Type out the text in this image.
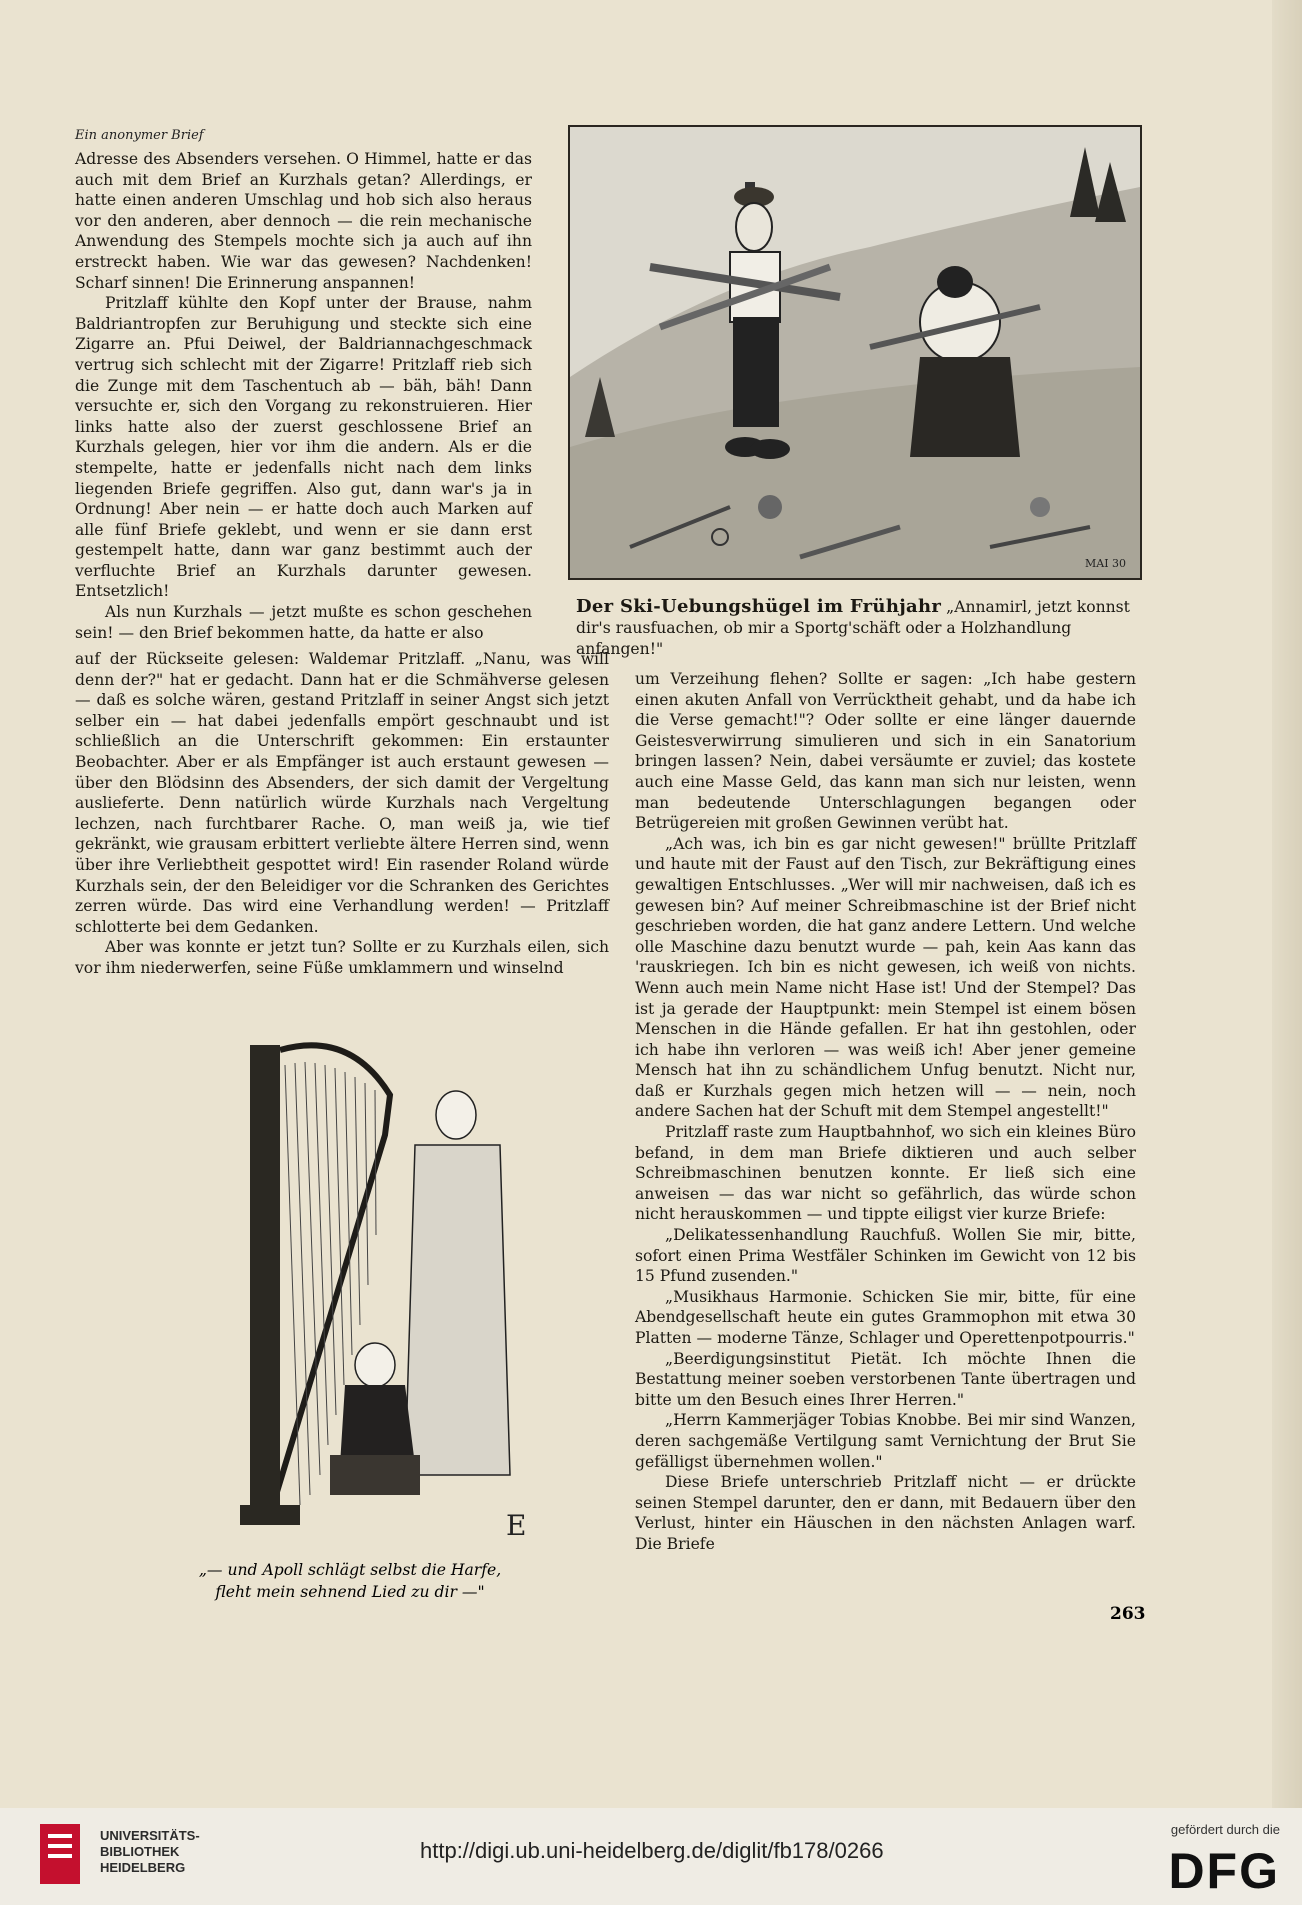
Ein anonymer Brief

Adresse des Absenders versehen. O Himmel, hatte er das auch mit dem Brief an Kurzhals getan? Allerdings, er hatte einen anderen Umschlag und hob sich also heraus vor den anderen, aber dennoch — die rein mechanische Anwendung des Stempels mochte sich ja auch auf ihn erstreckt haben. Wie war das gewesen? Nachdenken! Scharf sinnen! Die Erinnerung anspannen!

Pritzlaff kühlte den Kopf unter der Brause, nahm Baldriantropfen zur Beruhigung und steckte sich eine Zigarre an. Pfui Deiwel, der Baldriannachgeschmack vertrug sich schlecht mit der Zigarre! Pritzlaff rieb sich die Zunge mit dem Taschentuch ab — bäh, bäh! Dann versuchte er, sich den Vorgang zu rekonstruieren. Hier links hatte also der zuerst geschlossene Brief an Kurzhals gelegen, hier vor ihm die andern. Als er die stempelte, hatte er jedenfalls nicht nach dem links liegenden Briefe gegriffen. Also gut, dann war's ja in Ordnung! Aber nein — er hatte doch auch Marken auf alle fünf Briefe geklebt, und wenn er sie dann erst gestempelt hatte, dann war ganz bestimmt auch der verfluchte Brief an Kurzhals darunter gewesen. Entsetzlich!

Als nun Kurzhals — jetzt mußte es schon geschehen sein! — den Brief bekommen hatte, da hatte er also

MAI 30
Der Ski-Uebungshügel im Frühjahr „Annamirl, jetzt konnst dir's rausfuachen, ob mir a Sportg'schäft oder a Holzhandlung anfangen!"

auf der Rückseite gelesen: Waldemar Pritzlaff. „Nanu, was will denn der?" hat er gedacht. Dann hat er die Schmähverse gelesen — daß es solche wären, gestand Pritzlaff in seiner Angst sich jetzt selber ein — hat dabei jedenfalls empört geschnaubt und ist schließlich an die Unterschrift gekommen: Ein erstaunter Beobachter. Aber er als Empfänger ist auch erstaunt gewesen — über den Blödsinn des Absenders, der sich damit der Vergeltung auslieferte. Denn natürlich würde Kurzhals nach Vergeltung lechzen, nach furchtbarer Rache. O, man weiß ja, wie tief gekränkt, wie grausam erbittert verliebte ältere Herren sind, wenn über ihre Verliebtheit gespottet wird! Ein rasender Roland würde Kurzhals sein, der den Beleidiger vor die Schranken des Gerichtes zerren würde. Das wird eine Verhandlung werden! — Pritzlaff schlotterte bei dem Gedanken.

Aber was konnte er jetzt tun? Sollte er zu Kurzhals eilen, sich vor ihm niederwerfen, seine Füße umklammern und winselnd

E
„— und Apoll schlägt selbst die Harfe,
fleht mein sehnend Lied zu dir —"

um Verzeihung flehen? Sollte er sagen: „Ich habe gestern einen akuten Anfall von Verrücktheit gehabt, und da habe ich die Verse gemacht!"? Oder sollte er eine länger dauernde Geistesverwirrung simulieren und sich in ein Sanatorium bringen lassen? Nein, dabei versäumte er zuviel; das kostete auch eine Masse Geld, das kann man sich nur leisten, wenn man bedeutende Unterschlagungen begangen oder Betrügereien mit großen Gewinnen verübt hat.

„Ach was, ich bin es gar nicht gewesen!" brüllte Pritzlaff und haute mit der Faust auf den Tisch, zur Bekräftigung eines gewaltigen Entschlusses. „Wer will mir nachweisen, daß ich es gewesen bin? Auf meiner Schreibmaschine ist der Brief nicht geschrieben worden, die hat ganz andere Lettern. Und welche olle Maschine dazu benutzt wurde — pah, kein Aas kann das 'rauskriegen. Ich bin es nicht gewesen, ich weiß von nichts. Wenn auch mein Name nicht Hase ist! Und der Stempel? Das ist ja gerade der Hauptpunkt: mein Stempel ist einem bösen Menschen in die Hände gefallen. Er hat ihn gestohlen, oder ich habe ihn verloren — was weiß ich! Aber jener gemeine Mensch hat ihn zu schändlichem Unfug benutzt. Nicht nur, daß er Kurzhals gegen mich hetzen will — — nein, noch andere Sachen hat der Schuft mit dem Stempel angestellt!"

Pritzlaff raste zum Hauptbahnhof, wo sich ein kleines Büro befand, in dem man Briefe diktieren und auch selber Schreibmaschinen benutzen konnte. Er ließ sich eine anweisen — das war nicht so gefährlich, das würde schon nicht herauskommen — und tippte eiligst vier kurze Briefe:

„Delikatessenhandlung Rauchfuß. Wollen Sie mir, bitte, sofort einen Prima Westfäler Schinken im Gewicht von 12 bis 15 Pfund zusenden."

„Musikhaus Harmonie. Schicken Sie mir, bitte, für eine Abendgesellschaft heute ein gutes Grammophon mit etwa 30 Platten — moderne Tänze, Schlager und Operettenpotpourris."

„Beerdigungsinstitut Pietät. Ich möchte Ihnen die Bestattung meiner soeben verstorbenen Tante übertragen und bitte um den Besuch eines Ihrer Herren."

„Herrn Kammerjäger Tobias Knobbe. Bei mir sind Wanzen, deren sachgemäße Vertilgung samt Vernichtung der Brut Sie gefälligst übernehmen wollen."

Diese Briefe unterschrieb Pritzlaff nicht — er drückte seinen Stempel darunter, den er dann, mit Bedauern über den Verlust, hinter ein Häuschen in den nächsten Anlagen warf. Die Briefe

263
UNIVERSITÄTS-
BIBLIOTHEK
HEIDELBERG
http://digi.ub.uni-heidelberg.de/diglit/fb178/0266
gefördert durch die
DFG
